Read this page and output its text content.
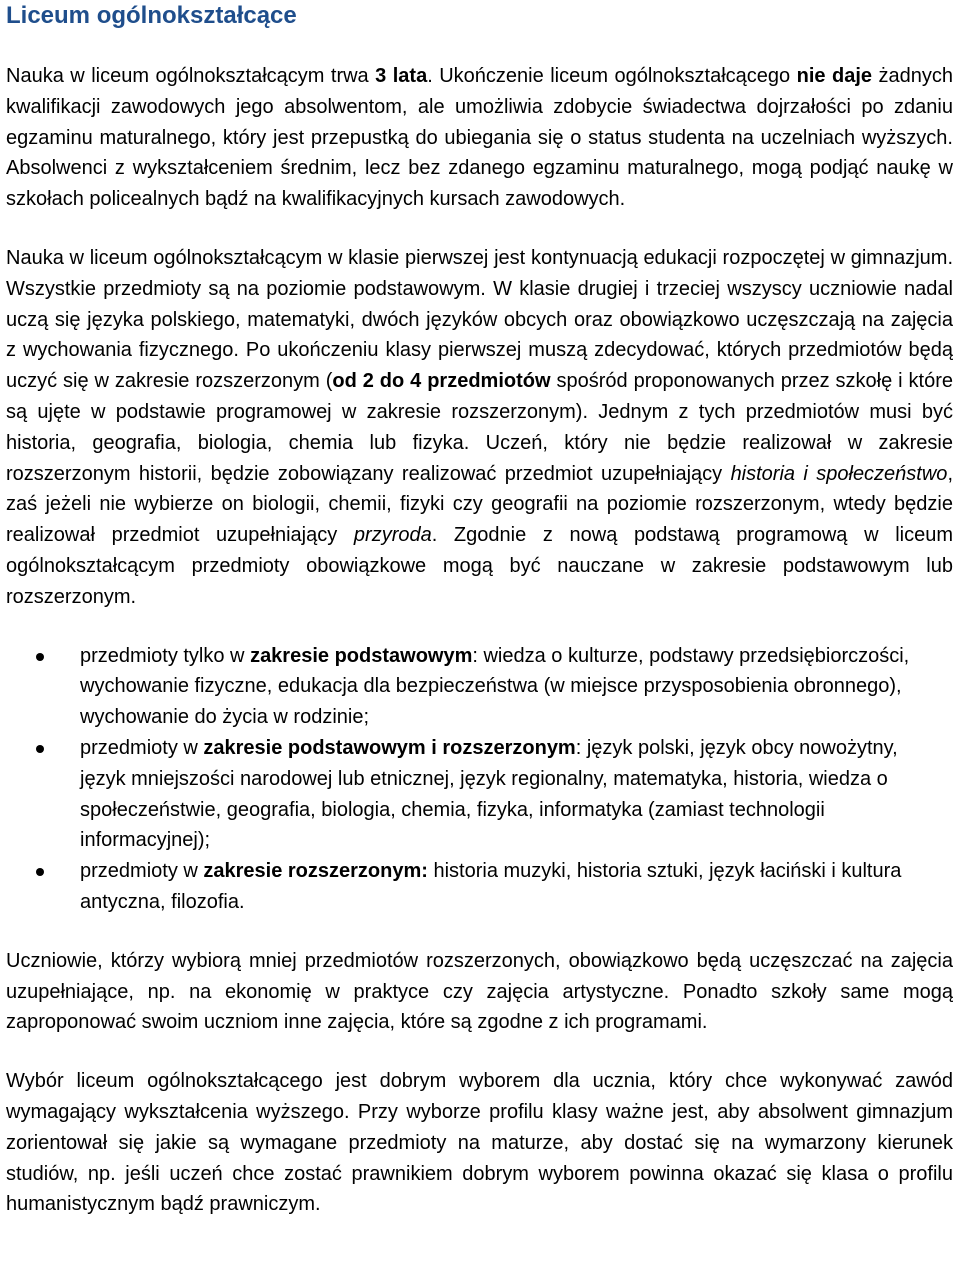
Liceum ogólnokształcące

Nauka w liceum ogólnokształcącym trwa 3 lata. Ukończenie liceum ogólnokształcącego nie daje żadnych kwalifikacji zawodowych jego absolwentom, ale umożliwia zdobycie świadectwa dojrzałości po zdaniu egzaminu maturalnego, który jest przepustką do ubiegania się o status studenta na uczelniach wyższych. Absolwenci z wykształceniem średnim, lecz bez zdanego egzaminu maturalnego, mogą podjąć naukę w szkołach policealnych bądź na kwalifikacyjnych kursach zawodowych.

Nauka w liceum ogólnokształcącym w klasie pierwszej jest kontynuacją edukacji rozpoczętej w gimnazjum. Wszystkie przedmioty są na poziomie podstawowym. W klasie drugiej i trzeciej wszyscy uczniowie nadal uczą się języka polskiego, matematyki, dwóch języków obcych oraz obowiązkowo uczęszczają na zajęcia z wychowania fizycznego. Po ukończeniu klasy pierwszej muszą zdecydować, których przedmiotów będą uczyć się w zakresie rozszerzonym (od 2 do 4 przedmiotów spośród proponowanych przez szkołę i które są ujęte w podstawie programowej w zakresie rozszerzonym). Jednym z tych przedmiotów musi być historia, geografia, biologia, chemia lub fizyka. Uczeń, który nie będzie realizował w zakresie rozszerzonym historii, będzie zobowiązany realizować przedmiot uzupełniający historia i społeczeństwo, zaś jeżeli nie wybierze on biologii, chemii, fizyki czy geografii na poziomie rozszerzonym, wtedy będzie realizował przedmiot uzupełniający przyroda. Zgodnie z nową podstawą programową w liceum ogólnokształcącym przedmioty obowiązkowe mogą być nauczane w zakresie podstawowym lub rozszerzonym.

przedmioty tylko w zakresie podstawowym: wiedza o kulturze, podstawy przedsiębiorczości, wychowanie fizyczne, edukacja dla bezpieczeństwa (w miejsce przysposobienia obronnego), wychowanie do życia w rodzinie;
przedmioty w zakresie podstawowym i rozszerzonym: język polski, język obcy nowożytny, język mniejszości narodowej lub etnicznej, język regionalny, matematyka, historia, wiedza o społeczeństwie, geografia, biologia, chemia, fizyka, informatyka (zamiast technologii informacyjnej);
przedmioty w zakresie rozszerzonym: historia muzyki, historia sztuki, język łaciński i kultura antyczna, filozofia.

Uczniowie, którzy wybiorą mniej przedmiotów rozszerzonych, obowiązkowo będą uczęszczać na zajęcia uzupełniające, np. na ekonomię w praktyce czy zajęcia artystyczne. Ponadto szkoły same mogą zaproponować swoim uczniom inne zajęcia, które są zgodne z ich programami.

Wybór liceum ogólnokształcącego jest dobrym wyborem dla ucznia, który chce wykonywać zawód wymagający wykształcenia wyższego. Przy wyborze profilu klasy ważne jest, aby absolwent gimnazjum zorientował się jakie są wymagane przedmioty na maturze, aby dostać się na wymarzony kierunek studiów, np. jeśli uczeń chce zostać prawnikiem dobrym wyborem powinna okazać się klasa o profilu humanistycznym bądź prawniczym.
